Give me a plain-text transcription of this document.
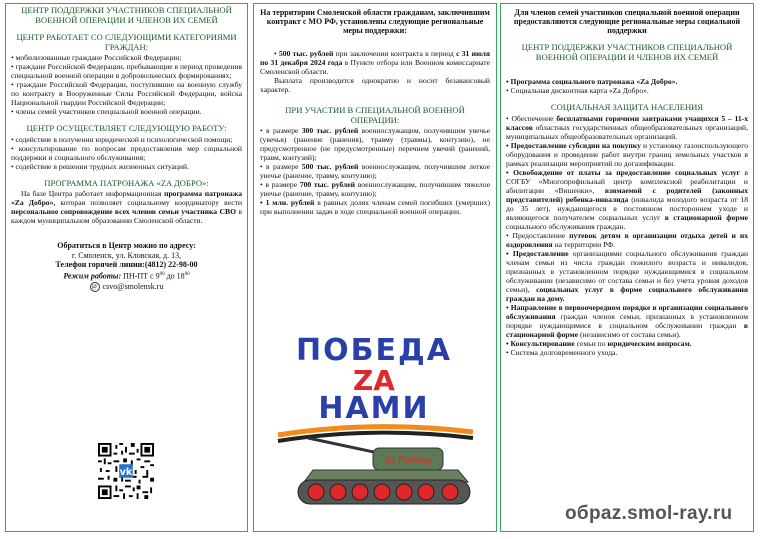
ЦЕНТР ПОДДЕРЖКИ УЧАСТНИКОВ СПЕЦИАЛЬНОЙ ВОЕННОЙ ОПЕРАЦИИ И ЧЛЕНОВ ИХ СЕМЕЙ

ЦЕНТР РАБОТАЕТ СО СЛЕДУЮЩИМИ КАТЕГОРИЯМИ ГРАЖДАН:

• мобилизованные граждане Российской Федерации;
• граждане Российской Федерации, пребывающие в период проведения специальной военной операции в добровольческих формированиях;
• граждане Российской Федерации, поступившие на военную службу по контракту в Вооруженные Силы Российской Федерации, войска Национальной гвардии Российской Федерации;
• члены семей участников специальной военной операции.

ЦЕНТР ОСУЩЕСТВЛЯЕТ СЛЕДУЮЩУЮ РАБОТУ:

• содействие в получении юридической и психологической помощи;
• консультирование по вопросам предоставления мер социальной поддержки и социального обслуживания;
• содействие в решении трудных жизненных ситуаций.

ПРОГРАММА ПАТРОНАЖА «ZA ДОБРО»:

На базе Центра работает информационная программа патронажа «Za Добро», которая позволяет социальному координатору вести персональное сопровождение всех членов семьи участника СВО в каждом муниципальном образовании Смоленской области.

Обратиться в Центр можно по адресу:

г. Смоленск, ул. Кловская, д. 13,

Телефон горячей линии:(4812) 22-98-00

Режим работы: ПН-ПТ с $9^{00}$ до $18^{00}$

@ csvo@smolensk.ru

vk

На территории Смоленской области гражданам, заключившим контракт с МО РФ, установлены следующие региональные меры поддержки:

• 500 тыс. рублей при заключении контракта в период с 31 июля по 31 декабря 2024 года в Пункте отбора или Военном комиссариате Смоленской области.

Выплата производится однократно и носит безавансовый характер.

ПРИ УЧАСТИИ В СПЕЦИАЛЬНОЙ ВОЕННОЙ ОПЕРАЦИИ:

• в размере 300 тыс. рублей военнослужащим, получившим увечье (увечья) (ранение (ранения), травму (травмы), контузию), не предусмотренное (не предусмотренные) перечнем увечий (ранений, травм, контузий);
• в размере 500 тыс. рублей военнослужащим, получившим легкое увечье (ранение, травму, контузию);
• в размере 700 тыс. рублей военнослужащим, получившим тяжелое увечье (ранение, травму, контузию);
• 1 млн. рублей в равных долях членам семей погибших (умерших) при выполнении задач в ходе специальной военной операции.
ПОБЕДА
ZA
НАМИ
За Родину

Для членов семей участников специальной военной операции предоставляются следующие региональные меры социальной поддержки

ЦЕНТР ПОДДЕРЖКИ УЧАСТНИКОВ СПЕЦИАЛЬНОЙ ВОЕННОЙ ОПЕРАЦИИ И ЧЛЕНОВ ИХ СЕМЕЙ

• Программа социального патронажа «Za Добро».
• Социальная дисконтная карта «Za Добро».

СОЦИАЛЬНАЯ ЗАЩИТА НАСЕЛЕНИЯ

• Обеспечение бесплатными горячими завтраками учащихся 5 – 11-х классов областных государственных общеобразовательных организаций, муниципальных общеобразовательных организаций.
• Предоставление субсидии на покупку и установку газоиспользующего оборудования и проведение работ внутри границ земельных участков в рамках реализации мероприятий по догазификации.
• Освобождение от платы за предоставление социальных услуг в СОГБУ «Многопрофильный центр комплексной реабилитации и абилитации «Вишенки», взимаемой с родителей (законных представителей) ребенка-инвалида (инвалида молодого возраста от 18 до 35 лет), нуждающегося в постоянном постороннем уходе и являющегося получателем социальных услуг в стационарной форме социального обслуживания граждан.
• Предоставление путевок детям в организации отдыха детей и их оздоровления на территории РФ.
• Предоставление организациями социального обслуживания граждан членам семьи из числа граждан пожилого возраста и инвалидов, признанных в установленном порядке нуждающимися в социальном обслуживании (независимо от состава семьи и без учета уровня доходов семьи), социальных услуг в форме социального обслуживания граждан на дому.
• Направление в первоочередном порядке в организации социального обслуживания граждан членов семьи, признанных в установленном порядке нуждающимися в социальном обслуживании граждан в стационарной форме (независимо от состава семьи).
• Консультирование семьи по юридическим вопросам.
• Система долговременного ухода.
обраz.smol-ray.ru
